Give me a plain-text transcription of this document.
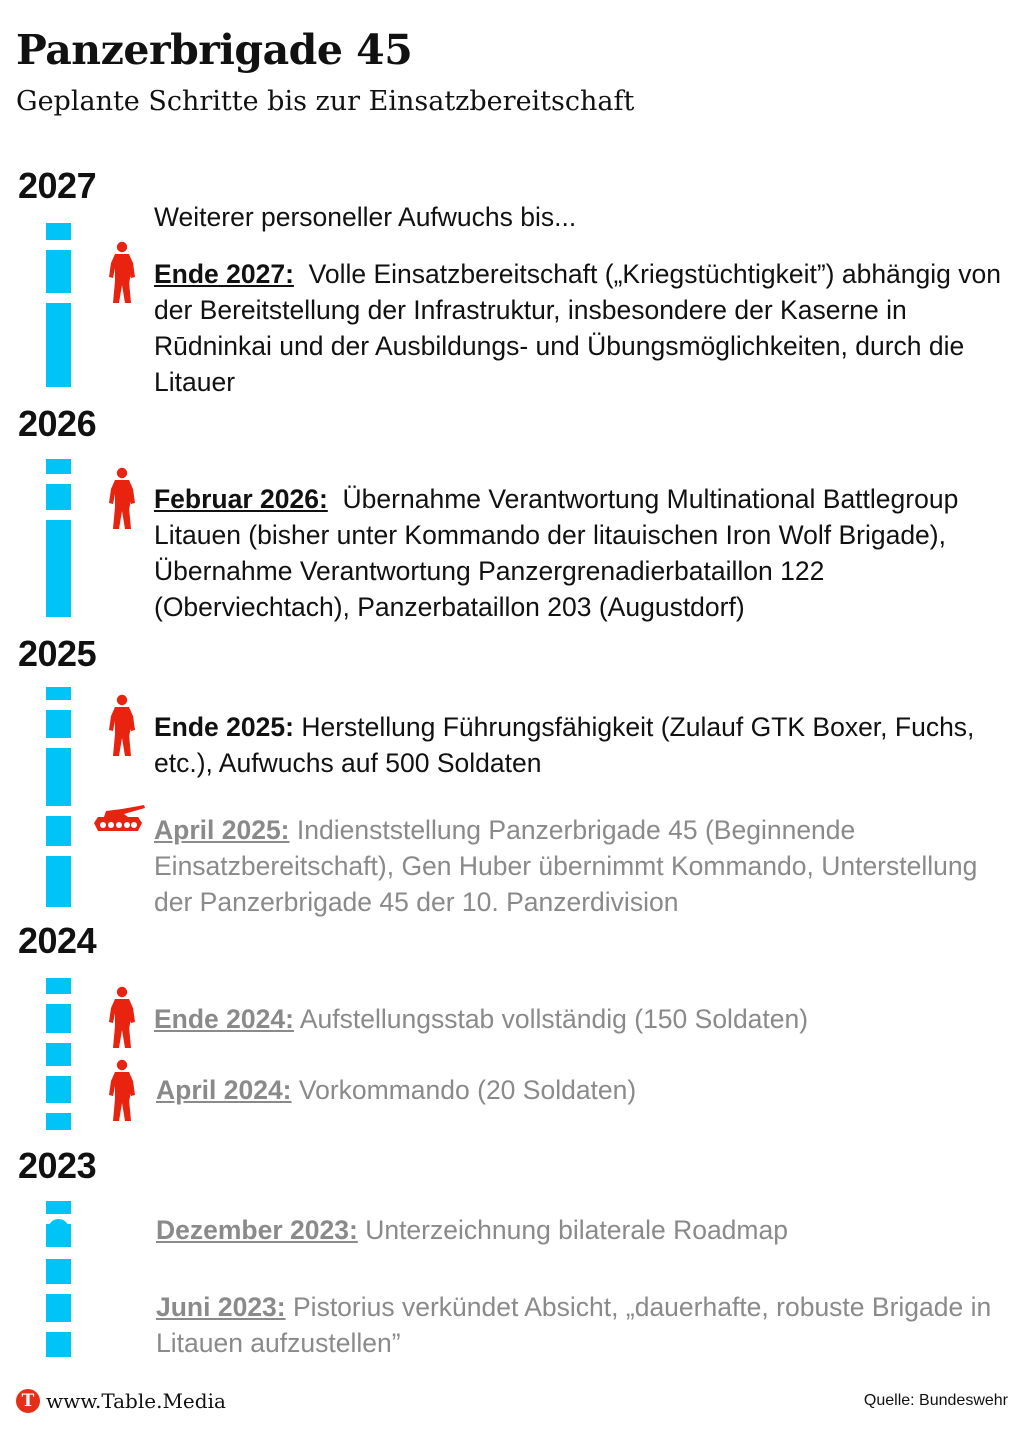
Panzerbrigade 45

Geplante Schritte bis zur Einsatzbereitschaft

2027
Weiterer personeller Aufwuchs bis...
Ende 2027: Volle Einsatzbereitschaft („Kriegstüchtigkeit”) abhängig von der Bereitstellung der Infrastruktur, insbesondere der Kaserne in Rūdninkai und der Ausbildungs- und Übungsmöglichkeiten, durch die Litauer
2026
Februar 2026: Übernahme Verantwortung Multinational Battlegroup Litauen (bisher unter Kommando der litauischen Iron Wolf Brigade), Übernahme Verantwortung Panzergrenadierbataillon 122 (Oberviechtach), Panzerbataillon 203 (Augustdorf)
2025
Ende 2025: Herstellung Führungsfähigkeit (Zulauf GTK Boxer, Fuchs, etc.), Aufwuchs auf 500 Soldaten
April 2025: Indienststellung Panzerbrigade 45 (Beginnende Einsatzbereitschaft), Gen Huber übernimmt Kommando, Unterstellung der Panzerbrigade 45 der 10. Panzerdivision
2024
Ende 2024: Aufstellungsstab vollständig (150 Soldaten)
April 2024: Vorkommando (20 Soldaten)
2023
Dezember 2023: Unterzeichnung bilaterale Roadmap
Juni 2023: Pistorius verkündet Absicht, „dauerhafte, robuste Brigade in Litauen aufzustellen”
T www.Table.Media	Quelle: Bundeswehr
